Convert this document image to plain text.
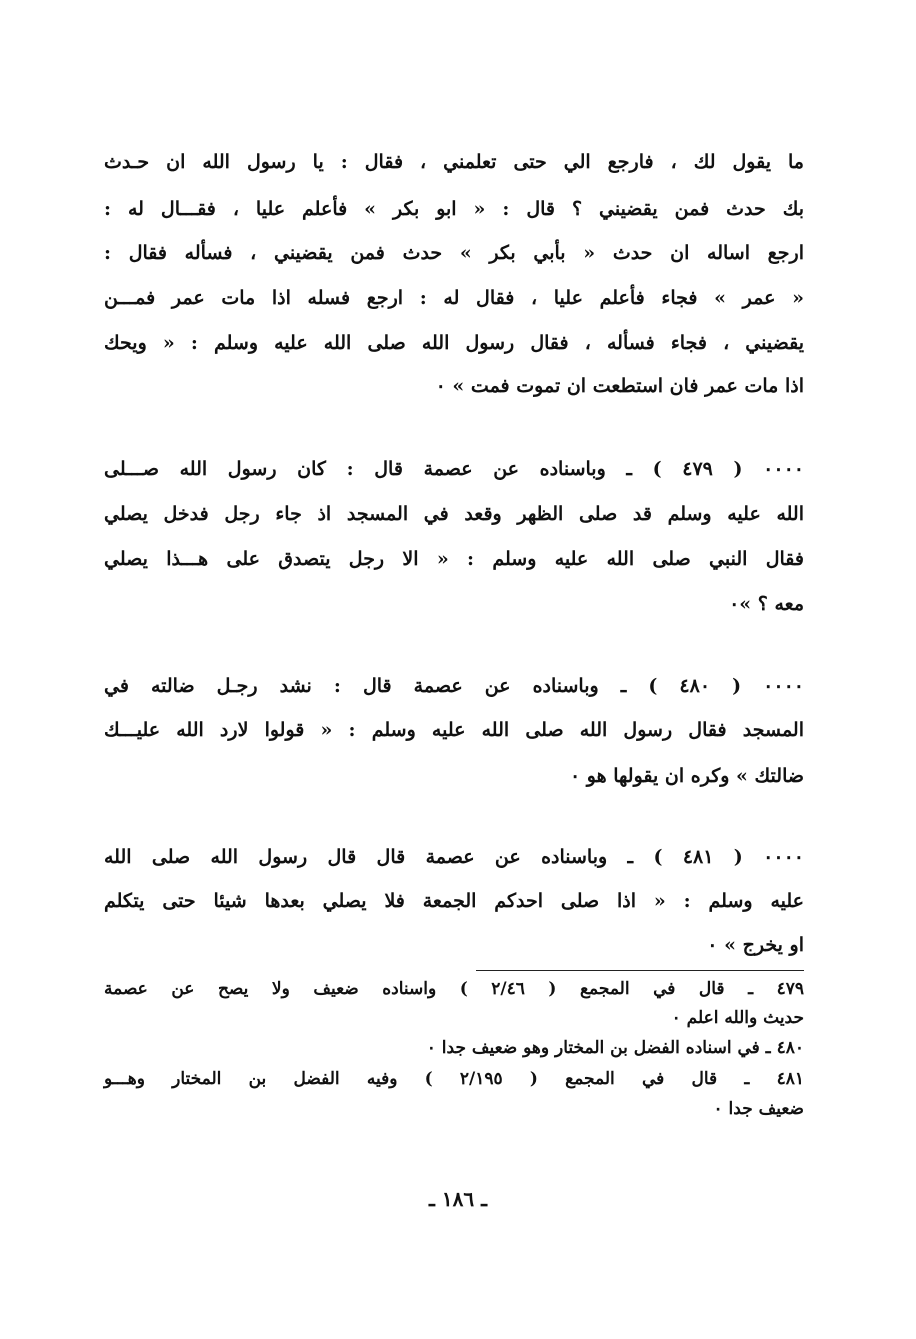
ما يقول لك ، فارجع الي حتى تعلمني ، فقال : يا رسول الله ان حـدث
بك حدث فمن يقضيني ؟ قال : « ابو بكر » فأعلم عليا ، فقـــال له :
ارجع اساله ان حدث « بأبي بكر » حدث فمن يقضيني ، فسأله فقال :
« عمر » فجاء فأعلم عليا ، فقال له : ارجع فسله اذا مات عمر فمـــن
يقضيني ، فجاء فسأله ، فقال رسول الله صلى الله عليه وسلم : « ويحك
اذا مات عمر فان استطعت ان تموت فمت » ٠
٠٠٠٠ ( ٤٧٩ ) ـ وباسناده عن عصمة قال : كان رسول الله صـــلى
الله عليه وسلم قد صلى الظهر وقعد في المسجد اذ جاء رجل فدخل يصلي
فقال النبي صلى الله عليه وسلم : « الا رجل يتصدق على هـــذا يصلي
معه ؟ »٠
٠٠٠٠ ( ٤٨٠ ) ـ وباسناده عن عصمة قال : نشد رجـل ضالته في
المسجد فقال رسول الله صلى الله عليه وسلم : « قولوا لارد الله عليـــك
ضالتك » وكره ان يقولها هو ٠
٠٠٠٠ ( ٤٨١ ) ـ وباسناده عن عصمة قال قال رسول الله صلى الله
عليه وسلم : « اذا صلى احدكم الجمعة فلا يصلي بعدها شيئا حتى يتكلم
او يخرج » ٠
٤٧٩ ـ قال في المجمع ( ٢/٤٦ ) واسناده ضعيف ولا يصح عن عصمة
حديث والله اعلم ٠
٤٨٠ ـ في اسناده الفضل بن المختار وهو ضعيف جدا ٠
٤٨١ ـ قال في المجمع ( ٢/١٩٥ ) وفيه الفضل بن المختار وهـــو
ضعيف جدا ٠
ـ ١٨٦ ـ
